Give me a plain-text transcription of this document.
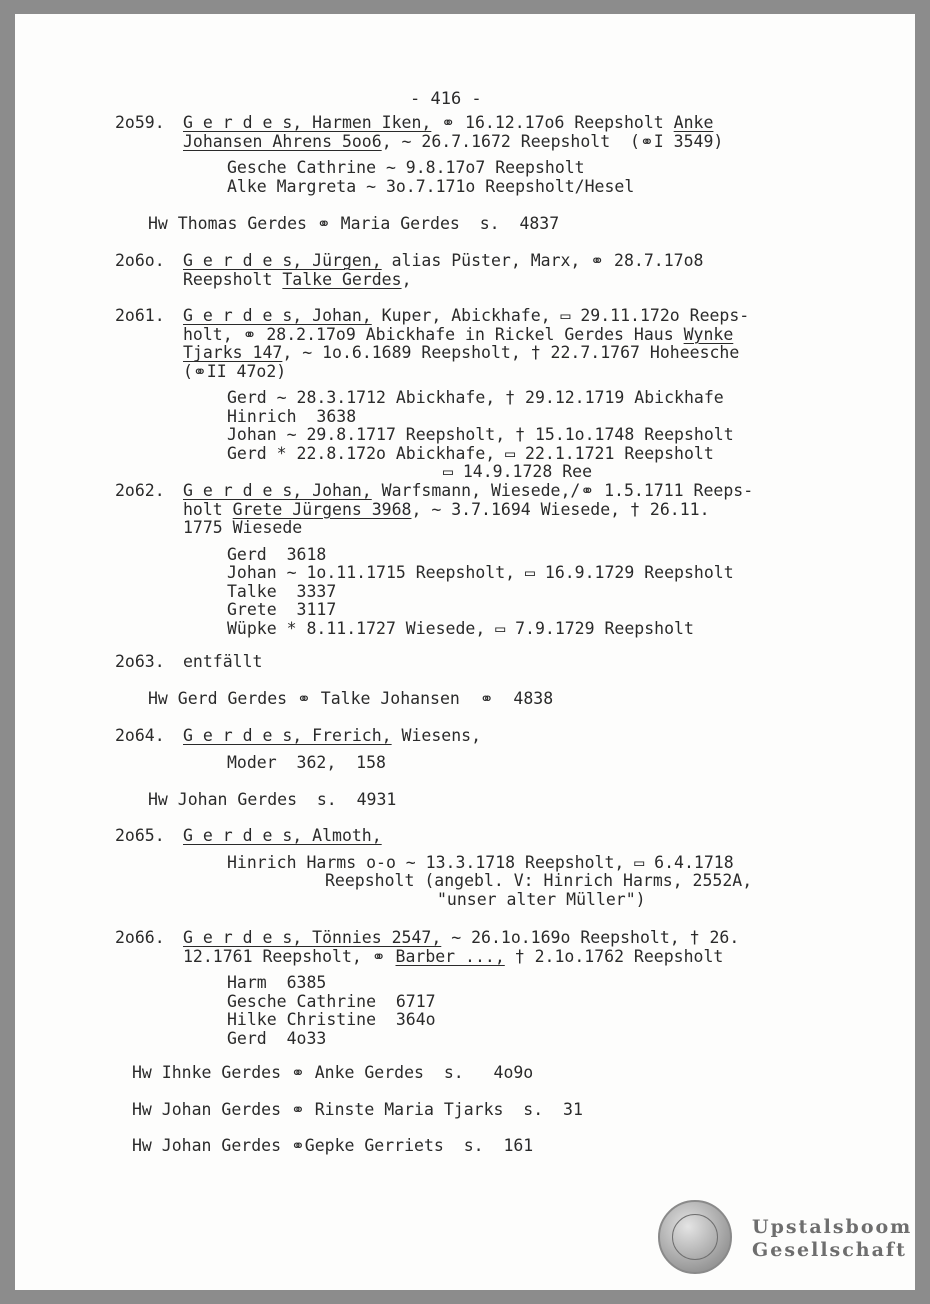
- 416 -
2o59.	G e r d e s, Harmen Iken, ⚭ 16.12.17o6 Reepsholt Anke
Johansen Ahrens 5oo6, ~ 26.7.1672 Reepsholt  (⚭I 3549)
Gesche Cathrine ~ 9.8.17o7 Reepsholt
Alke Margreta ~ 3o.7.171o Reepsholt/Hesel
Hw Thomas Gerdes ⚭ Maria Gerdes  s.  4837
2o6o.	G e r d e s, Jürgen, alias Püster, Marx, ⚭ 28.7.17o8
Reepsholt Talke Gerdes,
2o61.	G e r d e s, Johan, Kuper, Abickhafe, ▭ 29.11.172o Reeps-
holt, ⚭ 28.2.17o9 Abickhafe in Rickel Gerdes Haus Wynke
Tjarks 147, ~ 1o.6.1689 Reepsholt, † 22.7.1767 Hoheesche
(⚭II 47o2)
Gerd ~ 28.3.1712 Abickhafe, † 29.12.1719 Abickhafe
Hinrich  3638
Johan ~ 29.8.1717 Reepsholt, † 15.1o.1748 Reepsholt
Gerd * 22.8.172o Abickhafe, ▭ 22.1.1721 Reepsholt
▭ 14.9.1728 Ree
2o62.	G e r d e s, Johan, Warfsmann, Wiesede,/⚭ 1.5.1711 Reeps-
holt Grete Jürgens 3968, ~ 3.7.1694 Wiesede, † 26.11.
1775 Wiesede
Gerd  3618
Johan ~ 1o.11.1715 Reepsholt, ▭ 16.9.1729 Reepsholt
Talke  3337
Grete  3117
Wüpke * 8.11.1727 Wiesede, ▭ 7.9.1729 Reepsholt
2o63.	entfällt
Hw Gerd Gerdes ⚭ Talke Johansen  ⚭  4838
2o64.	G e r d e s, Frerich, Wiesens,
Moder  362,  158
Hw Johan Gerdes  s.  4931
2o65.	G e r d e s, Almoth,
Hinrich Harms o-o ~ 13.3.1718 Reepsholt, ▭ 6.4.1718
Reepsholt (angebl. V: Hinrich Harms, 2552A,
"unser alter Müller")
2o66.	G e r d e s, Tönnies 2547, ~ 26.1o.169o Reepsholt, † 26.
12.1761 Reepsholt, ⚭ Barber ..., † 2.1o.1762 Reepsholt
Harm  6385
Gesche Cathrine  6717
Hilke Christine  364o
Gerd  4o33
Hw Ihnke Gerdes ⚭ Anke Gerdes  s.   4o9o
Hw Johan Gerdes ⚭ Rinste Maria Tjarks  s.  31
Hw Johan Gerdes ⚭Gepke Gerriets  s.  161
Upstalsboom
Gesellschaft
